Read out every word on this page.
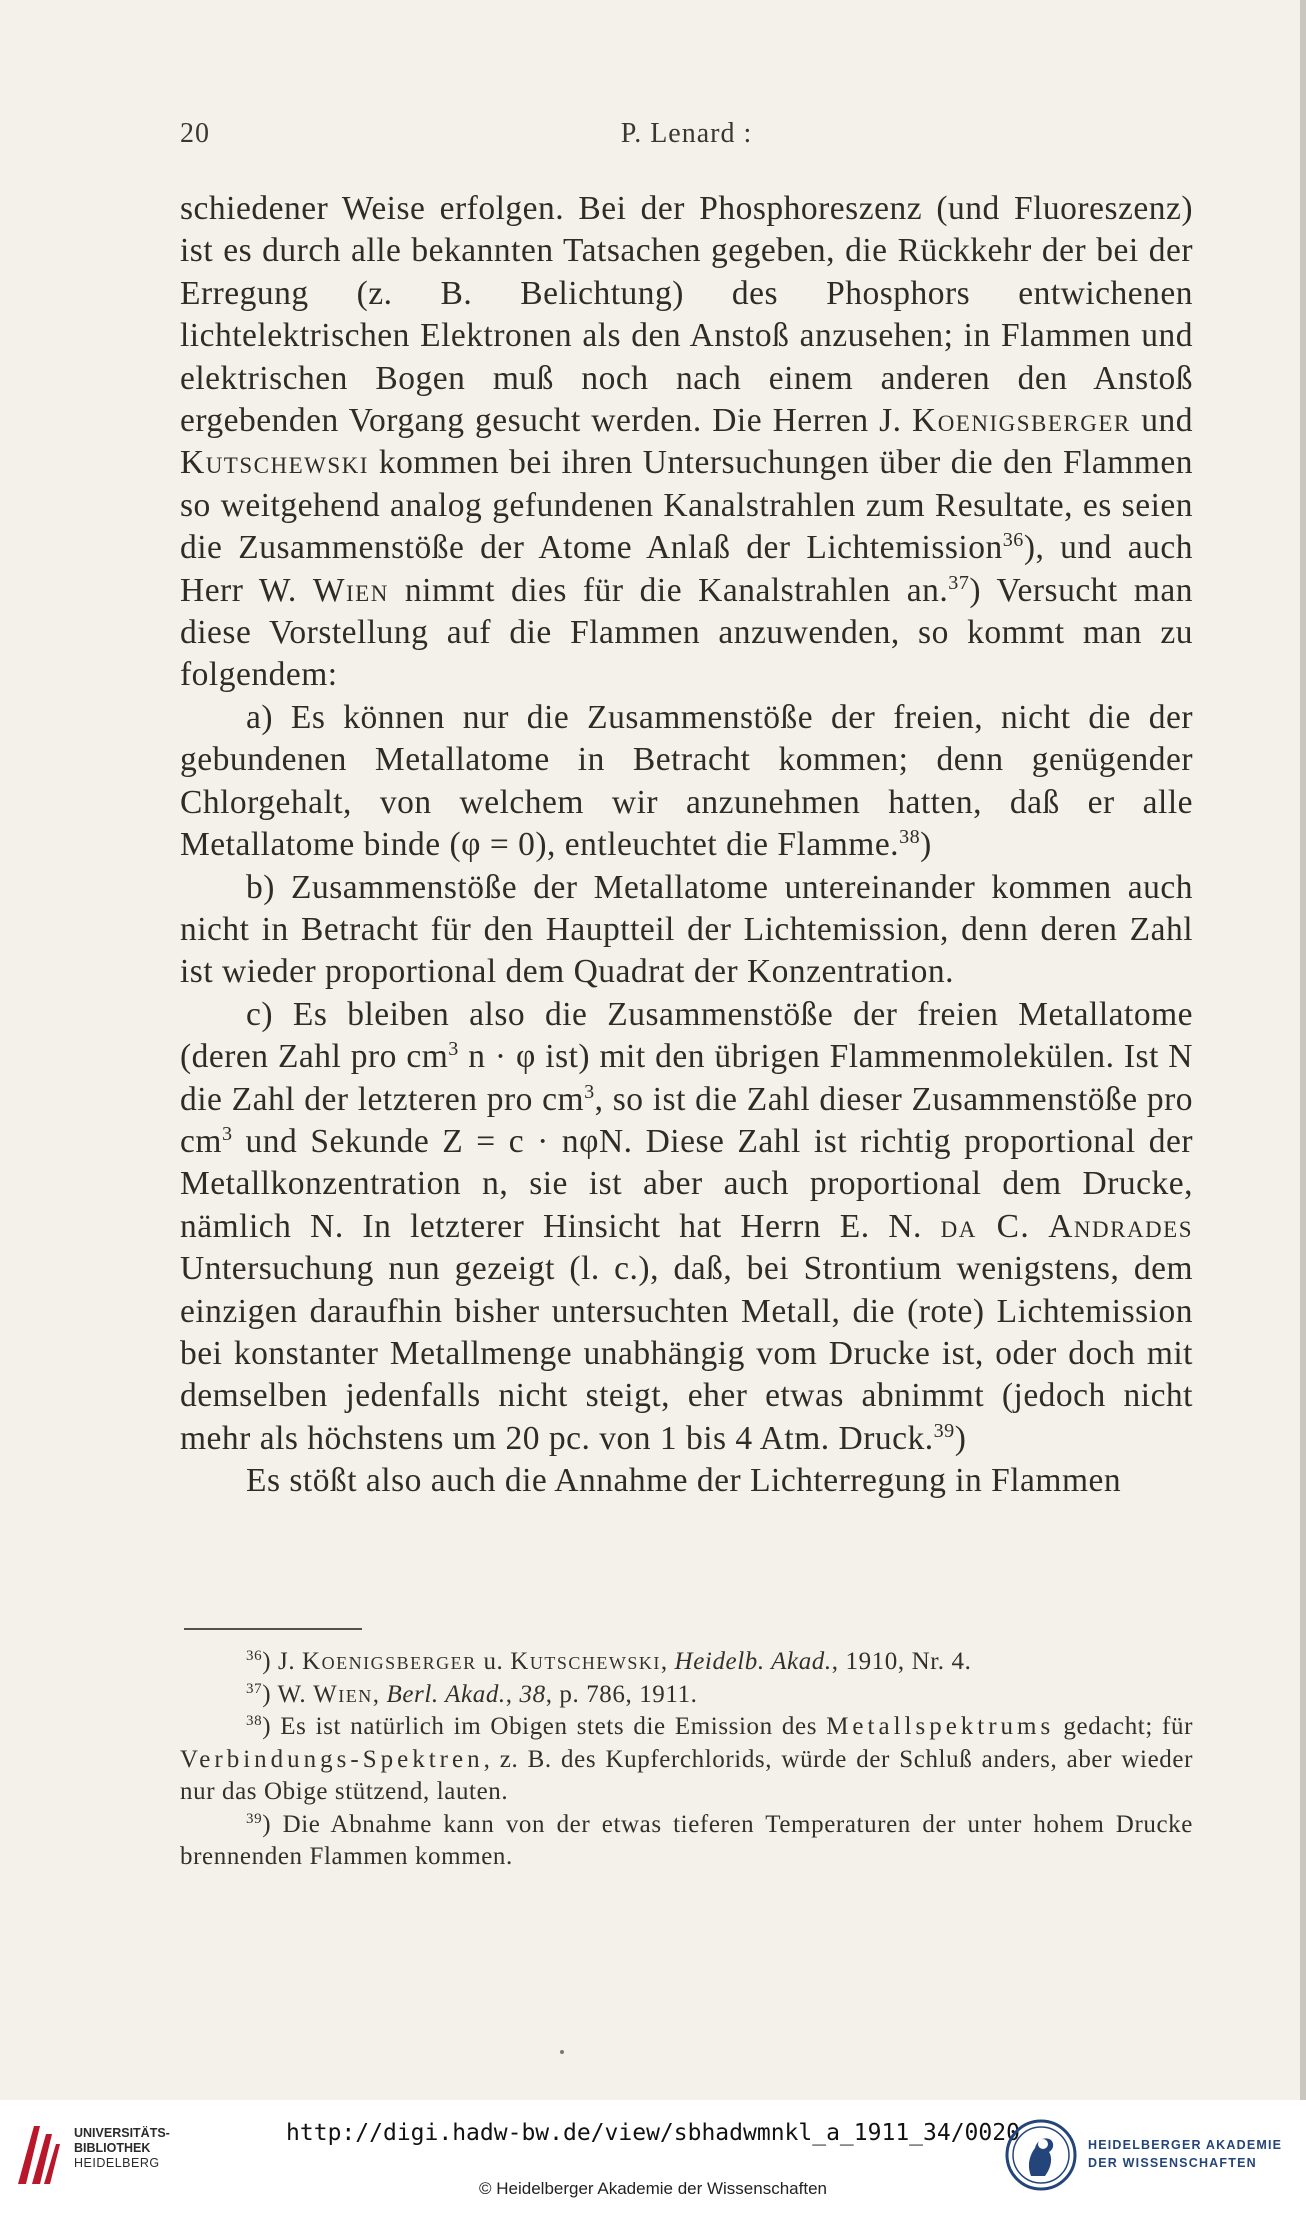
20	P. Lenard :

schiedener Weise erfolgen. Bei der Phosphoreszenz (und Fluoreszenz) ist es durch alle bekannten Tatsachen gegeben, die Rückkehr der bei der Erregung (z. B. Belichtung) des Phosphors entwichenen lichtelektrischen Elektronen als den Anstoß anzusehen; in Flammen und elektrischen Bogen muß noch nach einem anderen den Anstoß ergebenden Vorgang gesucht werden. Die Herren J. Koenigsberger und Kutschewski kommen bei ihren Untersuchungen über die den Flammen so weitgehend analog gefundenen Kanalstrahlen zum Resultate, es seien die Zusammenstöße der Atome Anlaß der Lichtemission$^{36}$), und auch Herr W. Wien nimmt dies für die Kanalstrahlen an.$^{37}$) Versucht man diese Vorstellung auf die Flammen anzuwenden, so kommt man zu folgendem:

a) Es können nur die Zusammenstöße der freien, nicht die der gebundenen Metallatome in Betracht kommen; denn genügender Chlorgehalt, von welchem wir anzunehmen hatten, daß er alle Metallatome binde (φ = 0), entleuchtet die Flamme.$^{38}$)

b) Zusammenstöße der Metallatome untereinander kommen auch nicht in Betracht für den Hauptteil der Lichtemission, denn deren Zahl ist wieder proportional dem Quadrat der Konzentration.

c) Es bleiben also die Zusammenstöße der freien Metallatome (deren Zahl pro $cm^3$ n · φ ist) mit den übrigen Flammenmolekülen. Ist N die Zahl der letzteren pro $cm^3$, so ist die Zahl dieser Zusammenstöße pro $cm^3$ und Sekunde Z = c · nφN. Diese Zahl ist richtig proportional der Metallkonzentration n, sie ist aber auch proportional dem Drucke, nämlich N. In letzterer Hinsicht hat Herrn E. N. da C. Andrades Untersuchung nun gezeigt (l. c.), daß, bei Strontium wenigstens, dem einzigen daraufhin bisher untersuchten Metall, die (rote) Lichtemission bei konstanter Metallmenge unabhängig vom Drucke ist, oder doch mit demselben jedenfalls nicht steigt, eher etwas abnimmt (jedoch nicht mehr als höchstens um 20 pc. von 1 bis 4 Atm. Druck.$^{39}$)

Es stößt also auch die Annahme der Lichterregung in Flammen

$^{36}$) J. Koenigsberger u. Kutschewski, Heidelb. Akad., 1910, Nr. 4.

$^{37}$) W. Wien, Berl. Akad., 38, p. 786, 1911.

$^{38}$) Es ist natürlich im Obigen stets die Emission des Metallspektrums gedacht; für Verbindungs-Spektren, z. B. des Kupferchlorids, würde der Schluß anders, aber wieder nur das Obige stützend, lauten.

$^{39}$) Die Abnahme kann von der etwas tieferen Temperaturen der unter hohem Drucke brennenden Flammen kommen.

UNIVERSITÄTS-
BIBLIOTHEK
HEIDELBERG
http://digi.hadw-bw.de/view/sbhadwmnkl_a_1911_34/0020
© Heidelberger Akademie der Wissenschaften
HEIDELBERGER AKADEMIE
DER WISSENSCHAFTEN
